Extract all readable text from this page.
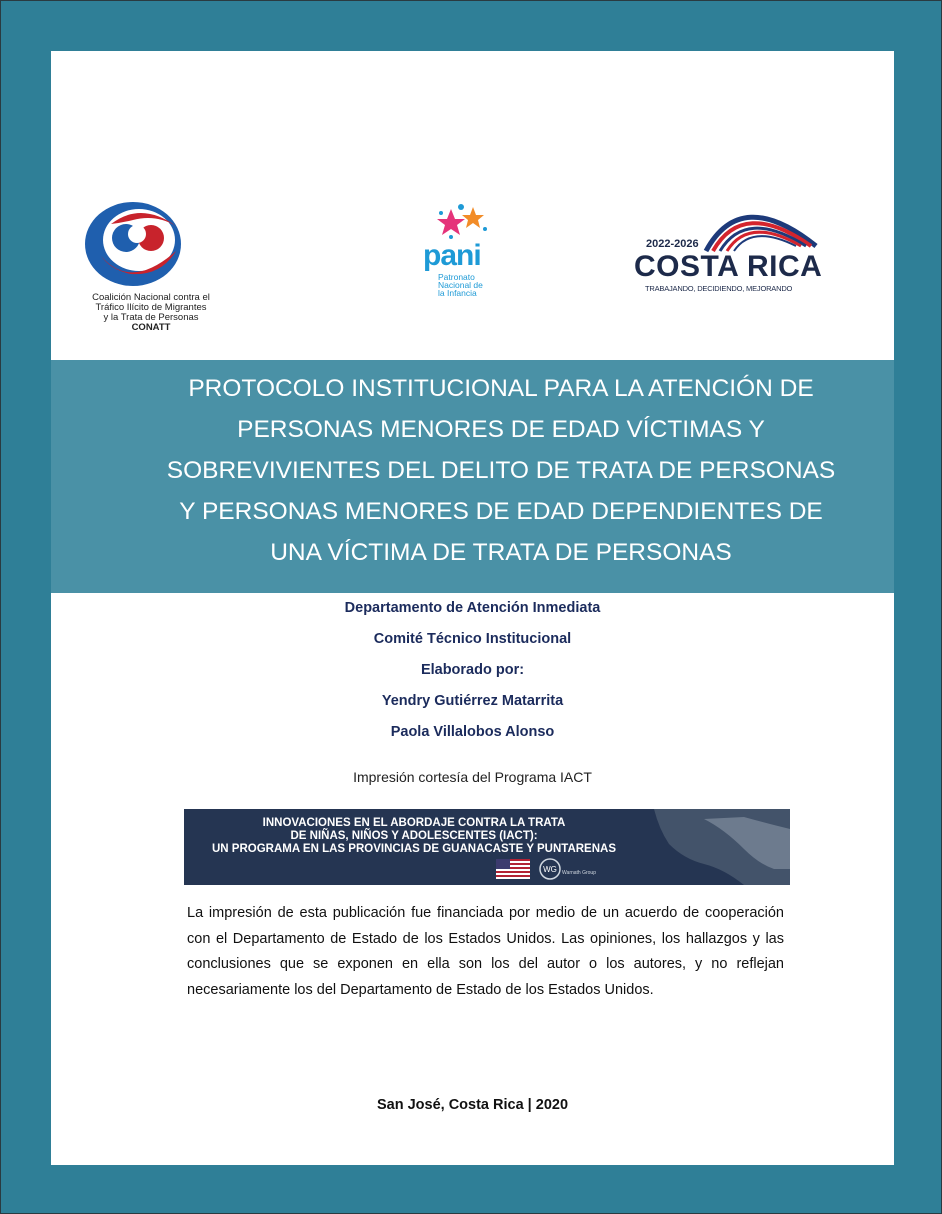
Coalición Nacional contra el
Tráfico Ilícito de Migrantes
y la Trata de Personas
CONATT
pani
Patronato
Nacional de
la Infancia
2022-2026
COSTA RICA
TRABAJANDO, DECIDIENDO, MEJORANDO
PROTOCOLO INSTITUCIONAL PARA LA ATENCIÓN DE
PERSONAS MENORES DE EDAD VÍCTIMAS Y
SOBREVIVIENTES DEL DELITO DE TRATA DE PERSONAS
Y PERSONAS MENORES DE EDAD DEPENDIENTES DE
UNA VÍCTIMA DE TRATA DE PERSONAS
Departamento de Atención Inmediata
Comité Técnico Institucional
Elaborado por:
Yendry Gutiérrez Matarrita
Paola Villalobos Alonso
Impresión cortesía del Programa IACT
INNOVACIONES EN EL ABORDAJE CONTRA LA TRATA
DE NIÑAS, NIÑOS Y ADOLESCENTES (IACT):
UN PROGRAMA EN LAS PROVINCIAS DE GUANACASTE Y PUNTARENAS
WG Warnath Group
La impresión de esta publicación fue financiada por medio de un acuerdo de cooperación con el Departamento de Estado de los Estados Unidos. Las opiniones, los hallazgos y las conclusiones que se exponen en ella son los del autor o los autores, y no reflejan necesariamente los del Departamento de Estado de los Estados Unidos.
San José, Costa Rica | 2020
